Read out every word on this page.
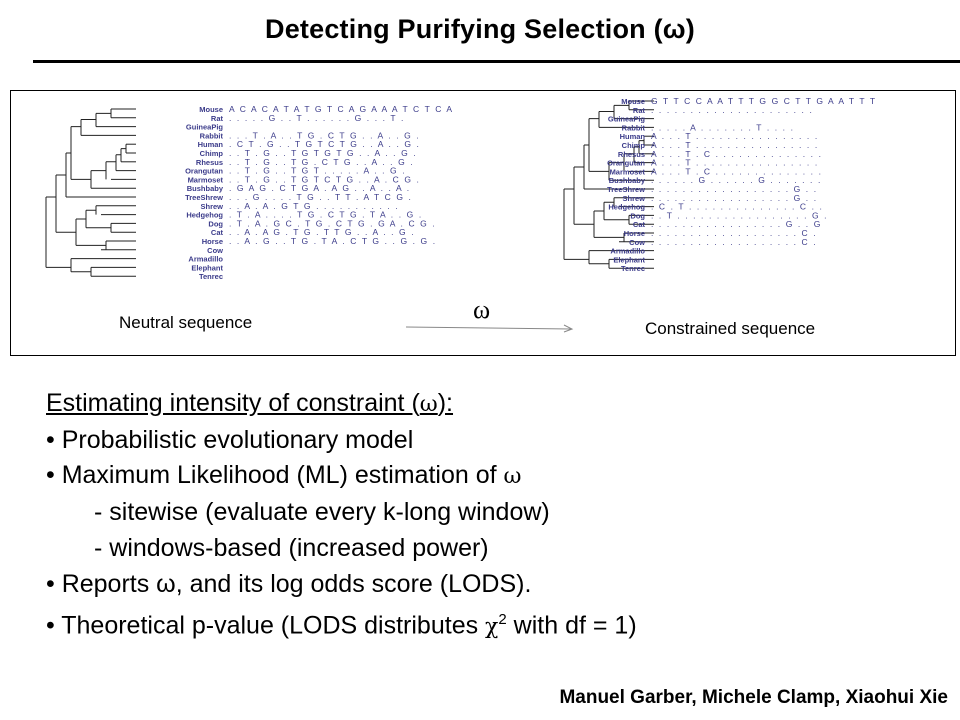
Detecting Purifying Selection (ω)
Mouse A C A C A T A T G T C A G A A A T C T C A
Rat . . . . . G . . T . . . . . . G . . . T .
GuineaPig
Rabbit . . . T . A . . T G . C T G . . A . . G .
Human . C T . G . . T G T C T G . . A . . G .
Chimp . . T . G . . T G T G T G . . A . . G .
Rhesus . . T . G . . T G . C T G . . A . . G .
Orangutan . . T . G . . T G T . . . . . A . . G .
Marmoset . . T . G . . T G T C T G . . A . C G .
Bushbaby . G A G . C T G A . A G . . A . . A .
TreeShrew . . . G . . . . T G . . T T . A T C G .
Shrew . . A . A . G T G . . . . . . . . . . .
Hedgehog . T . A . . . . T G . C T G . T A . . G .
Dog . T . A . G C . T G . C T G . G A . C G .
Cat . . A . A G . T G . T T G . . A . . G .
Horse . . A . G . . T G . T A . C T G . . G . G .
Cow
Armadillo
Elephant
Tenrec
Mouse G T T C C A A T T T G G C T T G A A T T T
Rat . . . . . . . . . . . . . . . . . . . . .
GuineaPig
Rabbit . . . . . A . . . . . . . T . . . .
Human A . . . T . . . . . . . . . . . . . . . .
Chimp A . . . T . . . . . . . . . . . . . . . .
Rhesus A . . . T . C . . . . . . . . . . . . . .
Orangutan A . . . T . . . . . . . . . . . . . . . .
Marmoset A . . . T . C . . . . . . . . . . . . . .
Bushbaby . . . . . . G . . . . . . G . . . . . . .
TreeShrew . . . . . . . . . . . . . . . . . . G . .
Shrew . . . . . . . . . . . . . . . . . . G . .
Hedgehog . C . T . . . . . . . . . . . . . . C . .
Dog . . T . . . . . . . . . . . . . . . . . G .
Cat . . . . . . . . . . . . . . . . . G . . G
Horse . . . . . . . . . . . . . . . . . . . C .
Cow . . . . . . . . . . . . . . . . . . . C .
Armadillo
Elephant
Tenrec
Neutral sequence	Constrained sequence
ω
Estimating intensity of constraint (ω):
• Probabilistic evolutionary model
• Maximum Likelihood (ML) estimation of ω
- sitewise (evaluate every k-long window)
- windows-based (increased power)
• Reports ω, and its log odds score (LODS).
• Theoretical p-value (LODS distributes $\chi^2$ with df = 1)
Manuel Garber, Michele Clamp, Xiaohui Xie
